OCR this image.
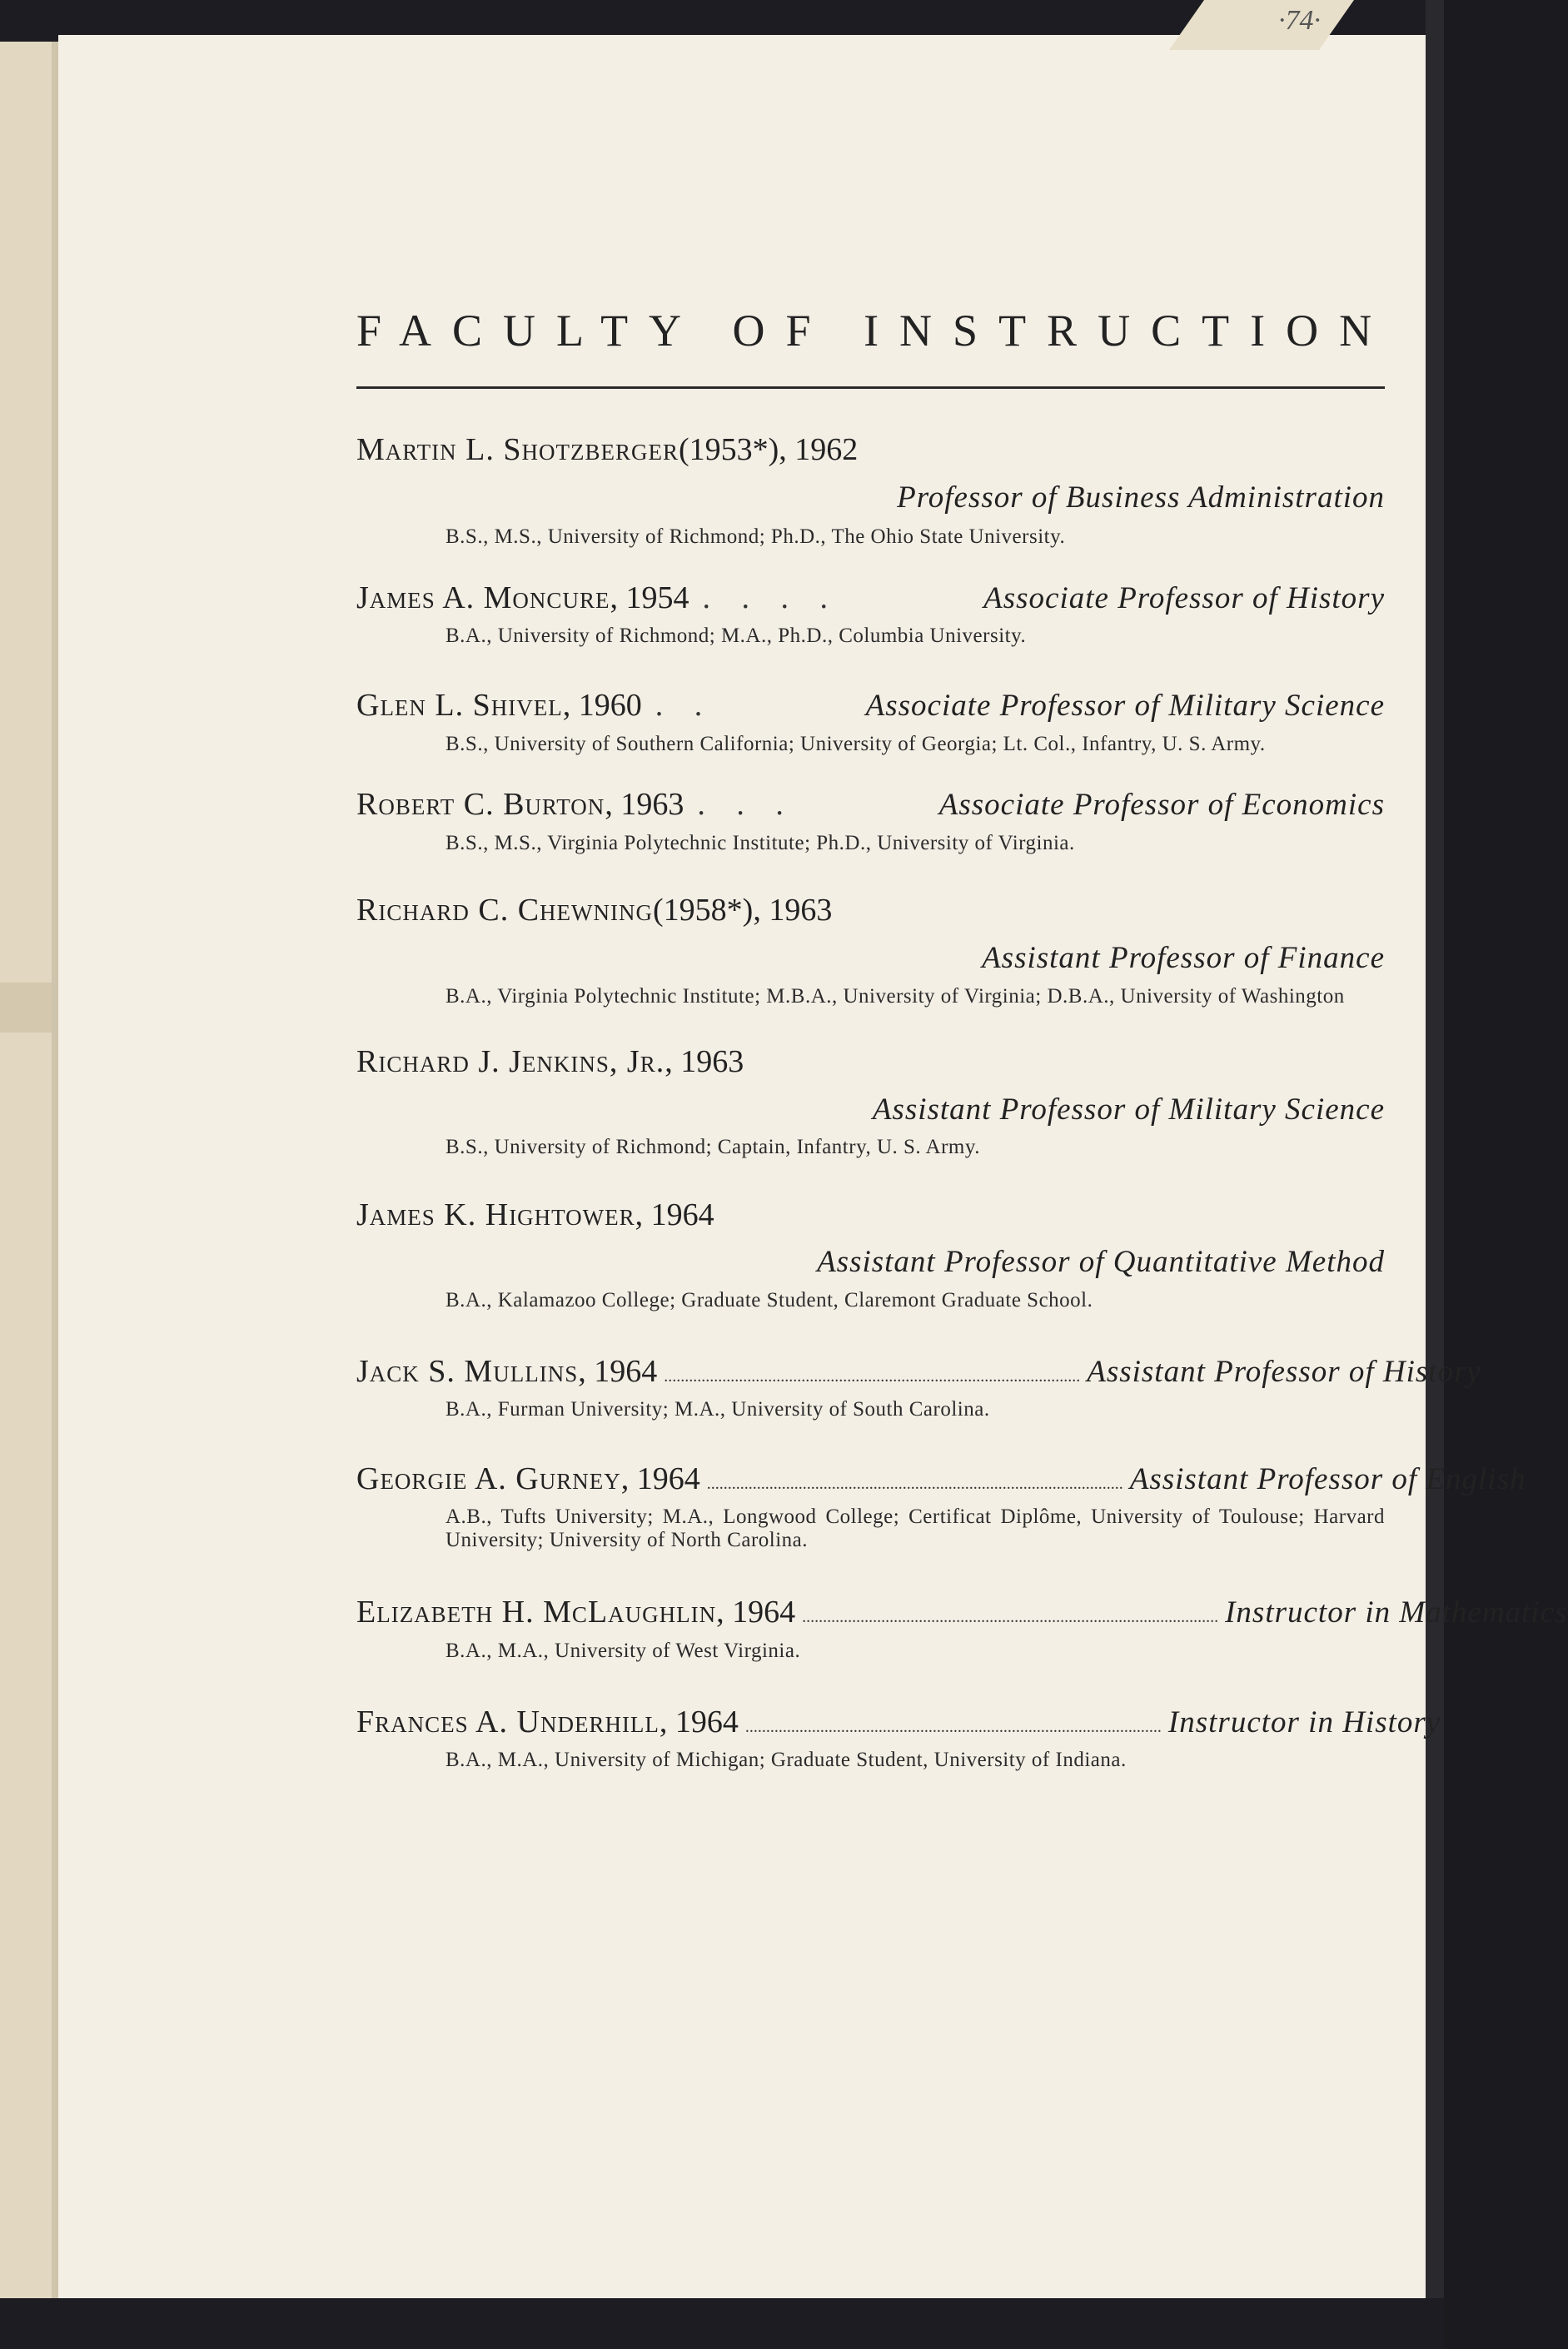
·74·
FACULTY OF INSTRUCTION
Martin L. Shotzberger (1953*), 1962
Professor of Business Administration
B.S., M.S., University of Richmond; Ph.D., The Ohio State University.
James A. Moncure , 1954 . . . .	Associate Professor of History
B.A., University of Richmond; M.A., Ph.D., Columbia University.
Glen L. Shivel , 1960 . .	Associate Professor of Military Science
B.S., University of Southern California; University of Georgia; Lt. Col., Infantry, U. S. Army.
Robert C. Burton , 1963 . . .	Associate Professor of Economics
B.S., M.S., Virginia Polytechnic Institute; Ph.D., University of Virginia.
Richard C. Chewning (1958*), 1963
Assistant Professor of Finance
B.A., Virginia Polytechnic Institute; M.B.A., University of Virginia; D.B.A., University of Washington
Richard J. Jenkins, Jr. , 1963
Assistant Professor of Military Science
B.S., University of Richmond; Captain, Infantry, U. S. Army.
James K. Hightower , 1964
Assistant Professor of Quantitative Method
B.A., Kalamazoo College; Graduate Student, Claremont Graduate School.
Jack S. Mullins , 1964 .................................................................................................... Assistant Professor of History
B.A., Furman University; M.A., University of South Carolina.
Georgie A. Gurney , 1964 .................................................................................................... Assistant Professor of English
A.B., Tufts University; M.A., Longwood College; Certificat Diplôme, University of Toulouse; Harvard University; University of North Carolina.
Elizabeth H. McLaughlin , 1964 .................................................................................................... Instructor in Mathematics
B.A., M.A., University of West Virginia.
Frances A. Underhill , 1964 .................................................................................................... Instructor in History
B.A., M.A., University of Michigan; Graduate Student, University of Indiana.
